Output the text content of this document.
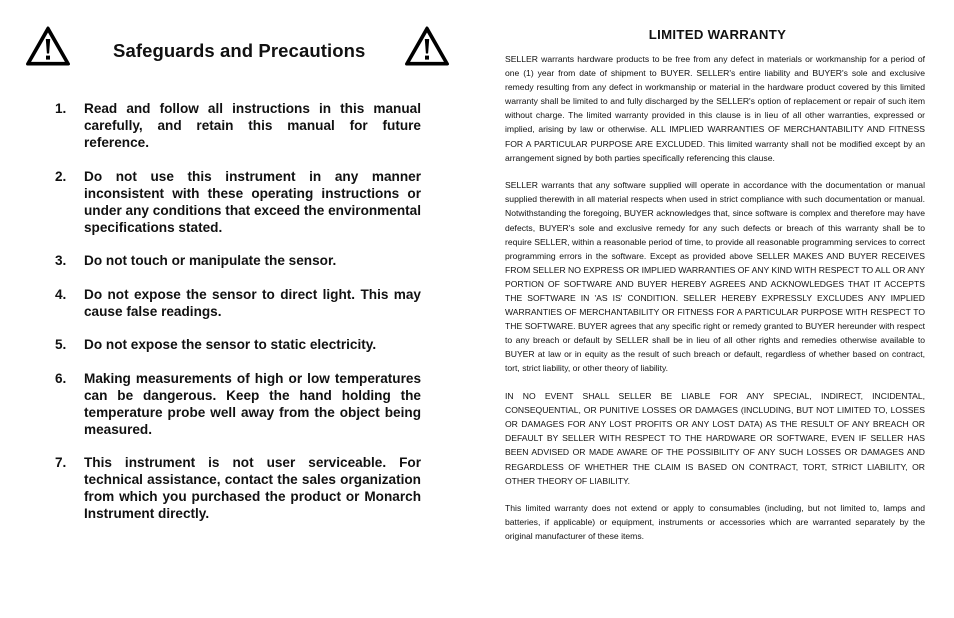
Safeguards and Precautions
1. Read and follow all instructions in this manual carefully, and retain this manual for future reference.
2. Do not use this instrument in any manner inconsistent with these operating instructions or under any conditions that exceed the environmental specifications stated.
3. Do not touch or manipulate the sensor.
4. Do not expose the sensor to direct light. This may cause false readings.
5. Do not expose the sensor to static electricity.
6. Making measurements of high or low temperatures can be dangerous. Keep the hand holding the temperature probe well away from the object being measured.
7. This instrument is not user serviceable. For technical assistance, contact the sales organization from which you purchased the product or Monarch Instrument directly.
LIMITED WARRANTY

SELLER warrants hardware products to be free from any defect in materials or workmanship for a period of one (1) year from date of shipment to BUYER. SELLER's entire liability and BUYER's sole and exclusive remedy resulting from any defect in workmanship or material in the hardware product covered by this limited warranty shall be limited to and fully discharged by the SELLER's option of replacement or repair of such item without charge. The limited warranty provided in this clause is in lieu of all other warranties, expressed or implied, arising by law or otherwise. ALL IMPLIED WARRANTIES OF MERCHANTABILITY AND FITNESS FOR A PARTICULAR PURPOSE ARE EXCLUDED. This limited warranty shall not be modified except by an arrangement signed by both parties specifically referencing this clause.

SELLER warrants that any software supplied will operate in accordance with the documentation or manual supplied therewith in all material respects when used in strict compliance with such documentation or manual. Notwithstanding the foregoing, BUYER acknowledges that, since software is complex and therefore may have defects, BUYER's sole and exclusive remedy for any such defects or breach of this warranty shall be to require SELLER, within a reasonable period of time, to provide all reasonable programming services to correct programming errors in the software. Except as provided above SELLER MAKES AND BUYER RECEIVES FROM SELLER NO EXPRESS OR IMPLIED WARRANTIES OF ANY KIND WITH RESPECT TO ALL OR ANY PORTION OF SOFTWARE AND BUYER HEREBY AGREES AND ACKNOWLEDGES THAT IT ACCEPTS THE SOFTWARE IN 'AS IS' CONDITION. SELLER HEREBY EXPRESSLY EXCLUDES ANY IMPLIED WARRANTIES OF MERCHANTABILITY OR FITNESS FOR A PARTICULAR PURPOSE WITH RESPECT TO THE SOFTWARE. BUYER agrees that any specific right or remedy granted to BUYER hereunder with respect to any breach or default by SELLER shall be in lieu of all other rights and remedies otherwise available to BUYER at law or in equity as the result of such breach or default, regardless of whether based on contract, tort, strict liability, or other theory of liability.

IN NO EVENT SHALL SELLER BE LIABLE FOR ANY SPECIAL, INDIRECT, INCIDENTAL, CONSEQUENTIAL, OR PUNITIVE LOSSES OR DAMAGES (INCLUDING, BUT NOT LIMITED TO, LOSSES OR DAMAGES FOR ANY LOST PROFITS OR ANY LOST DATA) AS THE RESULT OF ANY BREACH OR DEFAULT BY SELLER WITH RESPECT TO THE HARDWARE OR SOFTWARE, EVEN IF SELLER HAS BEEN ADVISED OR MADE AWARE OF THE POSSIBILITY OF ANY SUCH LOSSES OR DAMAGES AND REGARDLESS OF WHETHER THE CLAIM IS BASED ON CONTRACT, TORT, STRICT LIABILITY, OR OTHER THEORY OF LIABILITY.

This limited warranty does not extend or apply to consumables (including, but not limited to, lamps and batteries, if applicable) or equipment, instruments or accessories which are warranted separately by the original manufacturer of these items.
